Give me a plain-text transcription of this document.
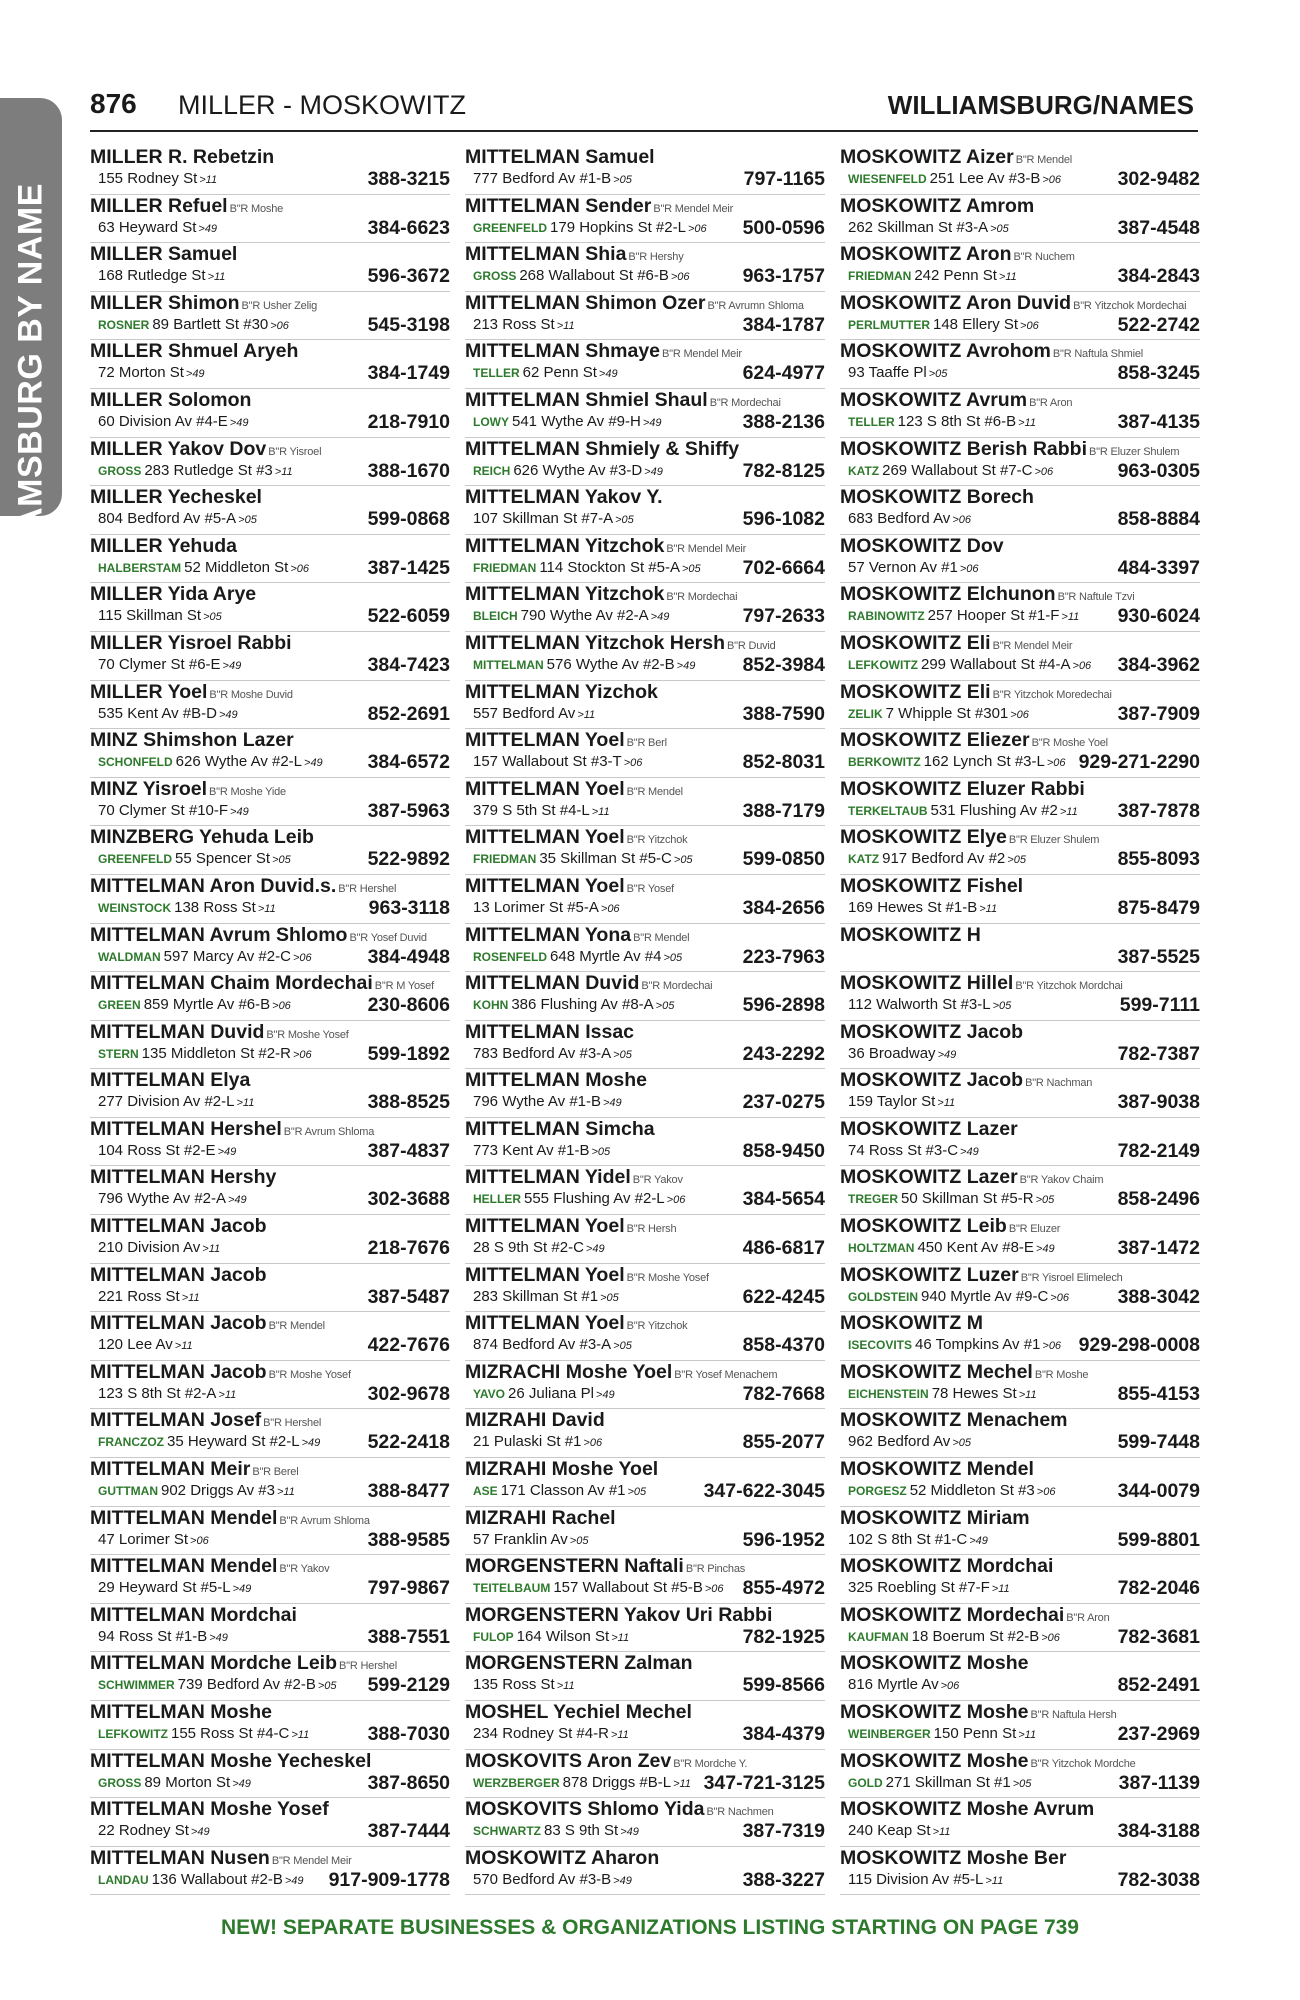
WILLIAMSBURG BY NAME
876 MILLER - MOSKOWITZ	WILLIAMSBURG/NAMES
MILLER R. Rebetzin
155 Rodney St >11	388-3215
MILLER Refuel B"R Moshe
63 Heyward St >49	384-6623
MILLER Samuel
168 Rutledge St >11	596-3672
MILLER Shimon B"R Usher Zelig
ROSNER 89 Bartlett St #30 >06	545-3198
MILLER Shmuel Aryeh
72 Morton St >49	384-1749
MILLER Solomon
60 Division Av #4-E >49	218-7910
MILLER Yakov Dov B"R Yisroel
GROSS 283 Rutledge St #3 >11	388-1670
MILLER Yecheskel
804 Bedford Av #5-A >05	599-0868
MILLER Yehuda
HALBERSTAM 52 Middleton St >06	387-1425
MILLER Yida Arye
115 Skillman St >05	522-6059
MILLER Yisroel Rabbi
70 Clymer St #6-E >49	384-7423
MILLER Yoel B"R Moshe Duvid
535 Kent Av #B-D >49	852-2691
MINZ Shimshon Lazer
SCHONFELD 626 Wythe Av #2-L >49 384-6572
MINZ Yisroel B"R Moshe Yide
70 Clymer St #10-F >49	387-5963
MINZBERG Yehuda Leib
GREENFELD 55 Spencer St >05	522-9892
MITTELMAN Aron Duvid.s. B"R Hershel
WEINSTOCK 138 Ross St >11	963-3118
MITTELMAN Avrum Shlomo B"R Yosef Duvid
WALDMAN 597 Marcy Av #2-C >06	384-4948
MITTELMAN Chaim Mordechai B"R M Yosef
GREEN 859 Myrtle Av #6-B >06	230-8606
MITTELMAN Duvid B"R Moshe Yosef
STERN 135 Middleton St #2-R >06	599-1892
MITTELMAN Elya
277 Division Av #2-L >11	388-8525
MITTELMAN Hershel B"R Avrum Shloma
104 Ross St #2-E >49	387-4837
MITTELMAN Hershy
796 Wythe Av #2-A >49	302-3688
MITTELMAN Jacob
210 Division Av >11	218-7676
MITTELMAN Jacob
221 Ross St >11	387-5487
MITTELMAN Jacob B"R Mendel
120 Lee Av >11	422-7676
MITTELMAN Jacob B"R Moshe Yosef
123 S 8th St #2-A >11	302-9678
MITTELMAN Josef B"R Hershel
FRANCZOZ 35 Heyward St #2-L >49 522-2418
MITTELMAN Meir B"R Berel
GUTTMAN 902 Driggs Av #3 >11	388-8477
MITTELMAN Mendel B"R Avrum Shloma
47 Lorimer St >06	388-9585
MITTELMAN Mendel B"R Yakov
29 Heyward St #5-L >49	797-9867
MITTELMAN Mordchai
94 Ross St #1-B >49	388-7551
MITTELMAN Mordche Leib B"R Hershel
SCHWIMMER 739 Bedford Av #2-B >05 599-2129
MITTELMAN Moshe
LEFKOWITZ 155 Ross St #4-C >11	388-7030
MITTELMAN Moshe Yecheskel
GROSS 89 Morton St >49	387-8650
MITTELMAN Moshe Yosef
22 Rodney St >49	387-7444
MITTELMAN Nusen B"R Mendel Meir
LANDAU 136 Wallabout #2-B >49 917-909-1778
MITTELMAN Samuel
777 Bedford Av #1-B >05	797-1165
MITTELMAN Sender B"R Mendel Meir
GREENFELD 179 Hopkins St #2-L >06 500-0596
MITTELMAN Shia B"R Hershy
GROSS 268 Wallabout St #6-B >06	963-1757
MITTELMAN Shimon Ozer B"R Avrumn Shloma
213 Ross St >11	384-1787
MITTELMAN Shmaye B"R Mendel Meir
TELLER 62 Penn St >49	624-4977
MITTELMAN Shmiel Shaul B"R Mordechai
LOWY 541 Wythe Av #9-H >49	388-2136
MITTELMAN Shmiely & Shiffy
REICH 626 Wythe Av #3-D >49	782-8125
MITTELMAN Yakov Y.
107 Skillman St #7-A >05	596-1082
MITTELMAN Yitzchok B"R Mendel Meir
FRIEDMAN 114 Stockton St #5-A >05 702-6664
MITTELMAN Yitzchok B"R Mordechai
BLEICH 790 Wythe Av #2-A >49	797-2633
MITTELMAN Yitzchok Hersh B"R Duvid
MITTELMAN 576 Wythe Av #2-B >49 852-3984
MITTELMAN Yizchok
557 Bedford Av >11	388-7590
MITTELMAN Yoel B"R Berl
157 Wallabout St #3-T >06	852-8031
MITTELMAN Yoel B"R Mendel
379 S 5th St #4-L >11	388-7179
MITTELMAN Yoel B"R Yitzchok
FRIEDMAN 35 Skillman St #5-C >05	599-0850
MITTELMAN Yoel B"R Yosef
13 Lorimer St #5-A >06	384-2656
MITTELMAN Yona B"R Mendel
ROSENFELD 648 Myrtle Av #4 >05	223-7963
MITTELMAN Duvid B"R Mordechai
KOHN 386 Flushing Av #8-A >05	596-2898
MITTELMAN Issac
783 Bedford Av #3-A >05	243-2292
MITTELMAN Moshe
796 Wythe Av #1-B >49	237-0275
MITTELMAN Simcha
773 Kent Av #1-B >05	858-9450
MITTELMAN Yidel B"R Yakov
HELLER 555 Flushing Av #2-L >06	384-5654
MITTELMAN Yoel B"R Hersh
28 S 9th St #2-C >49	486-6817
MITTELMAN Yoel B"R Moshe Yosef
283 Skillman St #1 >05	622-4245
MITTELMAN Yoel B"R Yitzchok
874 Bedford Av #3-A >05	858-4370
MIZRACHI Moshe Yoel B"R Yosef Menachem
YAVO 26 Juliana Pl >49	782-7668
MIZRAHI David
21 Pulaski St #1 >06	855-2077
MIZRAHI Moshe Yoel
ASE 171 Classon Av #1 >05	347-622-3045
MIZRAHI Rachel
57 Franklin Av >05	596-1952
MORGENSTERN Naftali B"R Pinchas
TEITELBAUM 157 Wallabout St #5-B >06 855-4972
MORGENSTERN Yakov Uri Rabbi
FULOP 164 Wilson St >11	782-1925
MORGENSTERN Zalman
135 Ross St >11	599-8566
MOSHEL Yechiel Mechel
234 Rodney St #4-R >11	384-4379
MOSKOVITS Aron Zev B"R Mordche Y.
WERZBERGER 878 Driggs #B-L >11 347-721-3125
MOSKOVITS Shlomo Yida B"R Nachmen
SCHWARTZ 83 S 9th St >49	387-7319
MOSKOWITZ Aharon
570 Bedford Av #3-B >49	388-3227
MOSKOWITZ Aizer B"R Mendel
WIESENFELD 251 Lee Av #3-B >06	302-9482
MOSKOWITZ Amrom
262 Skillman St #3-A >05	387-4548
MOSKOWITZ Aron B"R Nuchem
FRIEDMAN 242 Penn St >11	384-2843
MOSKOWITZ Aron Duvid B"R Yitzchok Mordechai
PERLMUTTER 148 Ellery St >06	522-2742
MOSKOWITZ Avrohom B"R Naftula Shmiel
93 Taaffe Pl >05	858-3245
MOSKOWITZ Avrum B"R Aron
TELLER 123 S 8th St #6-B >11	387-4135
MOSKOWITZ Berish Rabbi B"R Eluzer Shulem
KATZ 269 Wallabout St #7-C >06	963-0305
MOSKOWITZ Borech
683 Bedford Av >06	858-8884
MOSKOWITZ Dov
57 Vernon Av #1 >06	484-3397
MOSKOWITZ Elchunon B"R Naftule Tzvi
RABINOWITZ 257 Hooper St #1-F >11 930-6024
MOSKOWITZ Eli B"R Mendel Meir
LEFKOWITZ 299 Wallabout St #4-A >06 384-3962
MOSKOWITZ Eli B"R Yitzchok Moredechai
ZELIK 7 Whipple St #301 >06	387-7909
MOSKOWITZ Eliezer B"R Moshe Yoel
BERKOWITZ 162 Lynch St #3-L >06 929-271-2290
MOSKOWITZ Eluzer Rabbi
TERKELTAUB 531 Flushing Av #2 >11 387-7878
MOSKOWITZ Elye B"R Eluzer Shulem
KATZ 917 Bedford Av #2 >05	855-8093
MOSKOWITZ Fishel
169 Hewes St #1-B >11	875-8479
MOSKOWITZ H
387-5525
MOSKOWITZ Hillel B"R Yitzchok Mordchai
112 Walworth St #3-L >05	599-7111
MOSKOWITZ Jacob
36 Broadway >49	782-7387
MOSKOWITZ Jacob B"R Nachman
159 Taylor St >11	387-9038
MOSKOWITZ Lazer
74 Ross St #3-C >49	782-2149
MOSKOWITZ Lazer B"R Yakov Chaim
TREGER 50 Skillman St #5-R >05	858-2496
MOSKOWITZ Leib B"R Eluzer
HOLTZMAN 450 Kent Av #8-E >49	387-1472
MOSKOWITZ Luzer B"R Yisroel Elimelech
GOLDSTEIN 940 Myrtle Av #9-C >06 388-3042
MOSKOWITZ M
ISECOVITS 46 Tompkins Av #1 >06 929-298-0008
MOSKOWITZ Mechel B"R Moshe
EICHENSTEIN 78 Hewes St >11	855-4153
MOSKOWITZ Menachem
962 Bedford Av >05	599-7448
MOSKOWITZ Mendel
PORGESZ 52 Middleton St #3 >06	344-0079
MOSKOWITZ Miriam
102 S 8th St #1-C >49	599-8801
MOSKOWITZ Mordchai
325 Roebling St #7-F >11	782-2046
MOSKOWITZ Mordechai B"R Aron
KAUFMAN 18 Boerum St #2-B >06	782-3681
MOSKOWITZ Moshe
816 Myrtle Av >06	852-2491
MOSKOWITZ Moshe B"R Naftula Hersh
WEINBERGER 150 Penn St >11	237-2969
MOSKOWITZ Moshe B"R Yitzchok Mordche
GOLD 271 Skillman St #1 >05	387-1139
MOSKOWITZ Moshe Avrum
240 Keap St >11	384-3188
MOSKOWITZ Moshe Ber
115 Division Av #5-L >11	782-3038
NEW! SEPARATE BUSINESSES & ORGANIZATIONS LISTING STARTING ON PAGE 739
